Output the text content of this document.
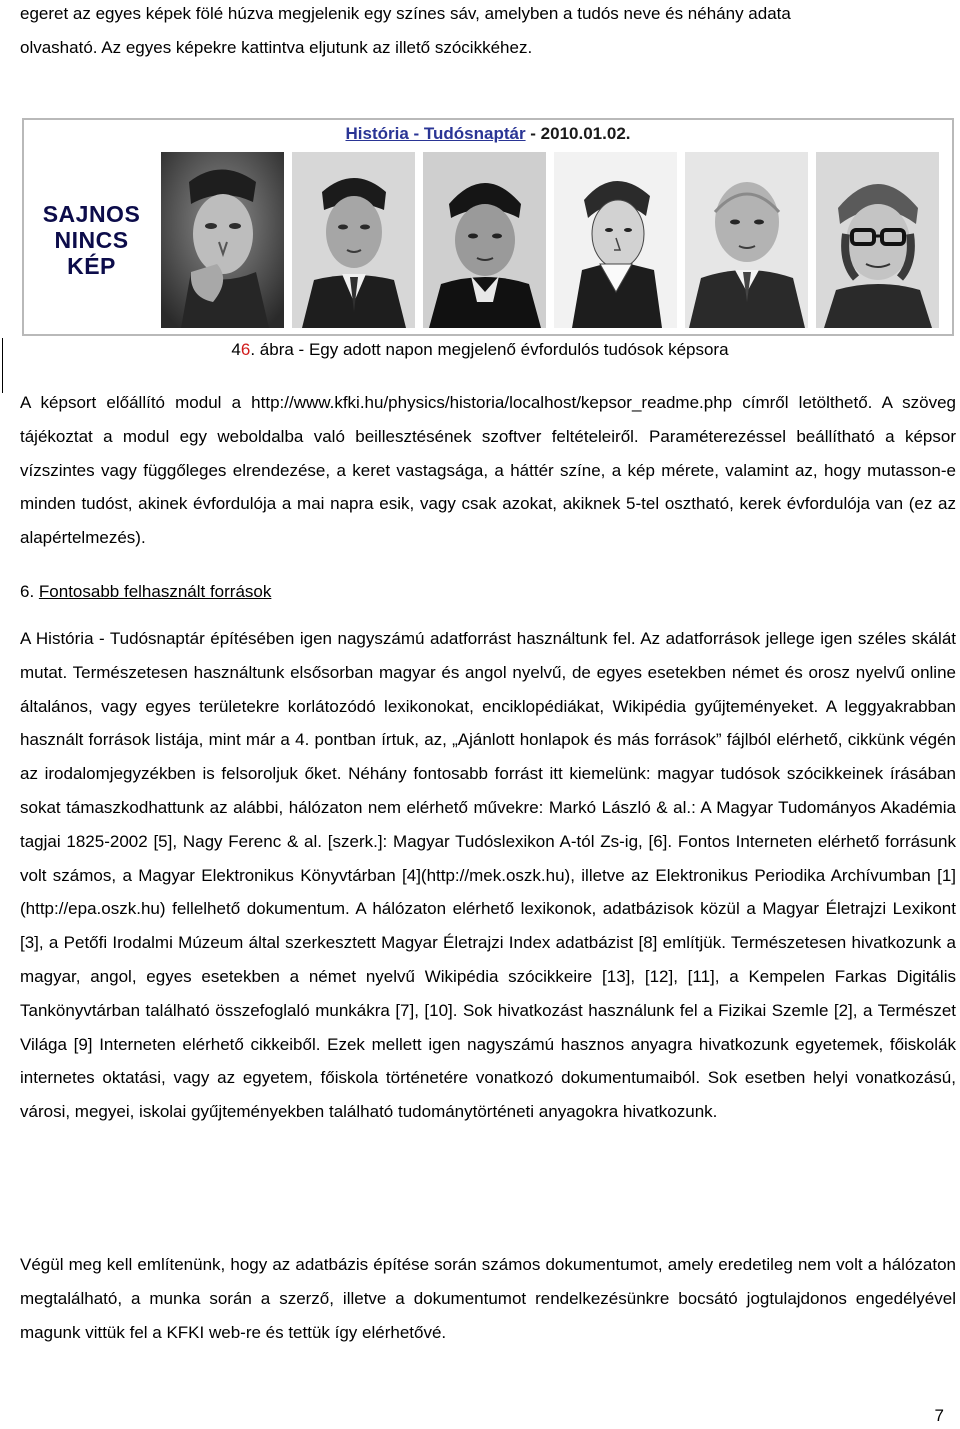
egeret az egyes képek fölé húzva megjelenik egy színes sáv, amelyben a tudós neve és néhány adata
olvasható. Az egyes képekre kattintva eljutunk az illető szócikkéhez.

História - Tudósnaptár - 2010.01.02.
SAJNOS
NINCS
KÉP
46. ábra - Egy adott napon megjelenő évfordulós tudósok képsora

A képsort előállító modul a http://www.kfki.hu/physics/historia/localhost/kepsor_readme.php címről letölthető. A szöveg tájékoztat a modul egy weboldalba való beillesztésének szoftver feltételeiről. Paraméterezéssel beállítható a képsor vízszintes vagy függőleges elrendezése, a keret vastagsága, a háttér színe, a kép mérete, valamint az, hogy mutasson-e minden tudóst, akinek évfordulója a mai napra esik, vagy csak azokat, akiknek 5-tel osztható, kerek évfordulója van (ez az alapértelmezés).

6. Fontosabb felhasznált források

A História - Tudósnaptár építésében igen nagyszámú adatforrást használtunk fel. Az adatforrások jellege igen széles skálát mutat. Természetesen használtunk elsősorban magyar és angol nyelvű, de egyes esetekben német és orosz nyelvű online általános, vagy egyes területekre korlátozódó lexikonokat, enciklopédiákat, Wikipédia gyűjteményeket. A leggyakrabban használt források listája, mint már a 4. pontban írtuk, az, „Ajánlott honlapok és más források” fájlból elérhető, cikkünk végén az irodalomjegyzékben is felsoroljuk őket. Néhány fontosabb forrást itt kiemelünk: magyar tudósok szócikkeinek írásában sokat támaszkodhattunk az alábbi, hálózaton nem elérhető művekre: Markó László & al.: A Magyar Tudományos Akadémia tagjai 1825-2002 [5], Nagy Ferenc & al. [szerk.]: Magyar Tudóslexikon A-tól Zs-ig, [6]. Fontos Interneten elérhető forrásunk volt számos, a Magyar Elektronikus Könyvtárban [4](http://mek.oszk.hu), illetve az Elektronikus Periodika Archívumban [1](http://epa.oszk.hu) fellelhető dokumentum. A hálózaton elérhető lexikonok, adatbázisok közül a Magyar Életrajzi Lexikont [3], a Petőfi Irodalmi Múzeum által szerkesztett Magyar Életrajzi Index adatbázist [8] említjük. Természetesen hivatkozunk a magyar, angol, egyes esetekben a német nyelvű Wikipédia szócikkeire [13], [12], [11], a Kempelen Farkas Digitális Tankönyvtárban található összefoglaló munkákra [7], [10]. Sok hivatkozást használunk fel a Fizikai Szemle [2], a Természet Világa [9] Interneten elérhető cikkeiből. Ezek mellett igen nagyszámú hasznos anyagra hivatkozunk egyetemek, főiskolák internetes oktatási, vagy az egyetem, főiskola történetére vonatkozó dokumentumaiból. Sok esetben helyi vonatkozású, városi, megyei, iskolai gyűjteményekben található tudománytörténeti anyagokra hivatkozunk.

Végül meg kell említenünk, hogy az adatbázis építése során számos dokumentumot, amely eredetileg nem volt a hálózaton megtalálható, a munka során a szerző, illetve a dokumentumot rendelkezésünkre bocsátó jogtulajdonos engedélyével magunk vittük fel a KFKI web-re és tettük így elérhetővé.

7
